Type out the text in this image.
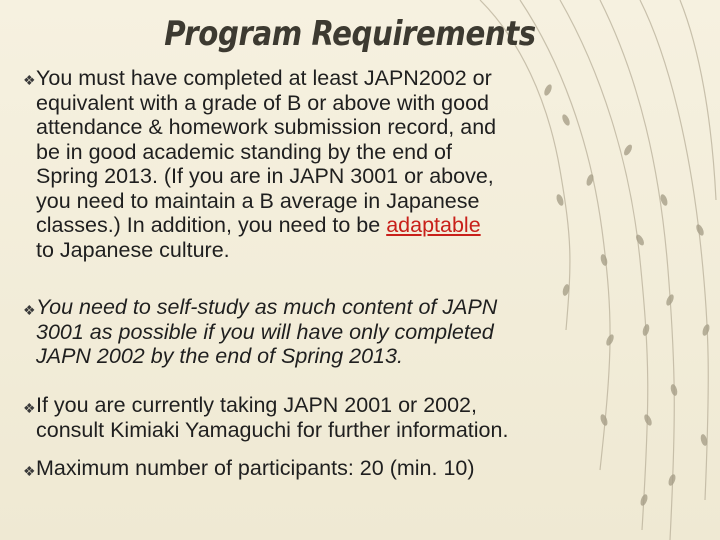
Program Requirements
❖ You must have completed at least JAPN2002 or
equivalent with a grade of B or above with good
attendance & homework submission record, and
be in good academic standing by the end of
Spring 2013. (If you are in JAPN 3001 or above,
you need to maintain a B average in Japanese
classes.) In addition, you need to be adaptable
to Japanese culture.
❖ You need to self-study as much content of JAPN
3001 as possible if you will have only completed
JAPN 2002 by the end of Spring 2013.
❖ If you are currently taking JAPN 2001 or 2002,
consult Kimiaki Yamaguchi for further information.
❖ Maximum number of participants: 20 (min. 10)
